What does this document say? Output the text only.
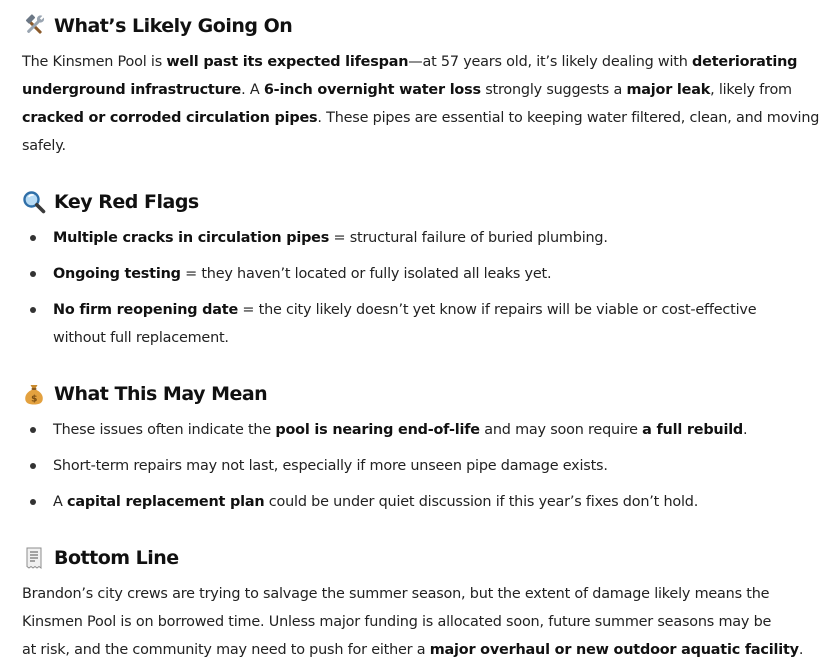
What’s Likely Going On

The Kinsmen Pool is well past its expected lifespan—at 57 years old, it’s likely dealing with deteriorating
underground infrastructure. A 6-inch overnight water loss strongly suggests a major leak, likely from
cracked or corroded circulation pipes. These pipes are essential to keeping water filtered, clean, and moving
safely.

Key Red Flags
Multiple cracks in circulation pipes = structural failure of buried plumbing.
Ongoing testing = they haven’t located or fully isolated all leaks yet.
No firm reopening date = the city likely doesn’t yet know if repairs will be viable or cost-effective
without full replacement.
$ What This May Mean
These issues often indicate the pool is nearing end-of-life and may soon require a full rebuild.
Short-term repairs may not last, especially if more unseen pipe damage exists.
A capital replacement plan could be under quiet discussion if this year’s fixes don’t hold.
Bottom Line

Brandon’s city crews are trying to salvage the summer season, but the extent of damage likely means the
Kinsmen Pool is on borrowed time. Unless major funding is allocated soon, future summer seasons may be
at risk, and the community may need to push for either a major overhaul or new outdoor aquatic facility.
